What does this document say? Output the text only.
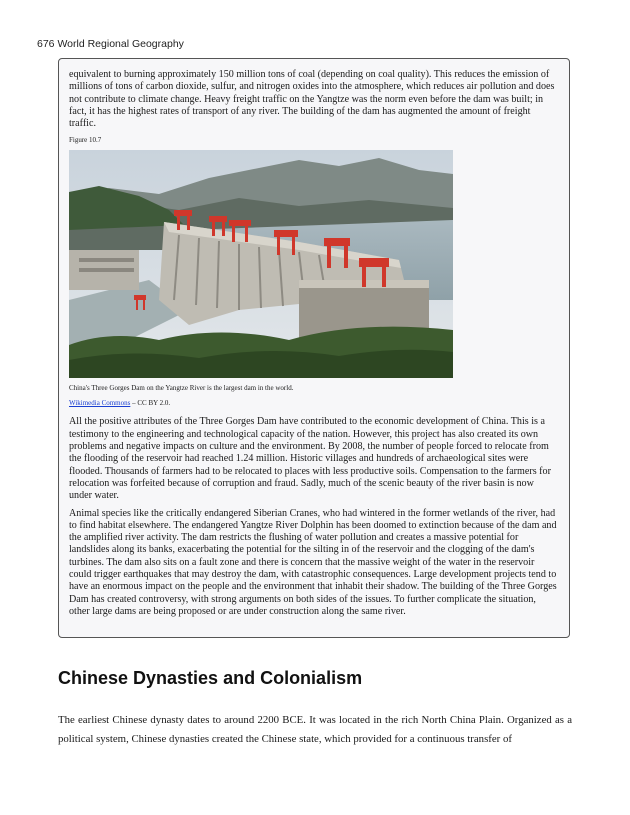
676 World Regional Geography

equivalent to burning approximately 150 million tons of coal (depending on coal quality). This reduces the emission of millions of tons of carbon dioxide, sulfur, and nitrogen oxides into the atmosphere, which reduces air pollution and does not contribute to climate change. Heavy freight traffic on the Yangtze was the norm even before the dam was built; in fact, it has the highest rates of transport of any river. The building of the dam has augmented the amount of freight traffic.

Figure 10.7

China's Three Gorges Dam on the Yangtze River is the largest dam in the world.

Wikimedia Commons – CC BY 2.0.

All the positive attributes of the Three Gorges Dam have contributed to the economic development of China. This is a testimony to the engineering and technological capacity of the nation. However, this project has also created its own problems and negative impacts on culture and the environment. By 2008, the number of people forced to relocate from the flooding of the reservoir had reached 1.24 million. Historic villages and hundreds of archaeological sites were flooded. Thousands of farmers had to be relocated to places with less productive soils. Compensation to the farmers for relocation was forfeited because of corruption and fraud. Sadly, much of the scenic beauty of the river basin is now under water.

Animal species like the critically endangered Siberian Cranes, who had wintered in the former wetlands of the river, had to find habitat elsewhere. The endangered Yangtze River Dolphin has been doomed to extinction because of the dam and the amplified river activity. The dam restricts the flushing of water pollution and creates a massive potential for landslides along its banks, exacerbating the potential for the silting in of the reservoir and the clogging of the dam's turbines. The dam also sits on a fault zone and there is concern that the massive weight of the water in the reservoir could trigger earthquakes that may destroy the dam, with catastrophic consequences. Large development projects tend to have an enormous impact on the people and the environment that inhabit their shadow. The building of the Three Gorges Dam has created controversy, with strong arguments on both sides of the issues. To further complicate the situation, other large dams are being proposed or are under construction along the same river.

Chinese Dynasties and Colonialism

The earliest Chinese dynasty dates to around 2200 BCE. It was located in the rich North China Plain. Organized as a political system, Chinese dynasties created the Chinese state, which provided for a continuous transfer of
